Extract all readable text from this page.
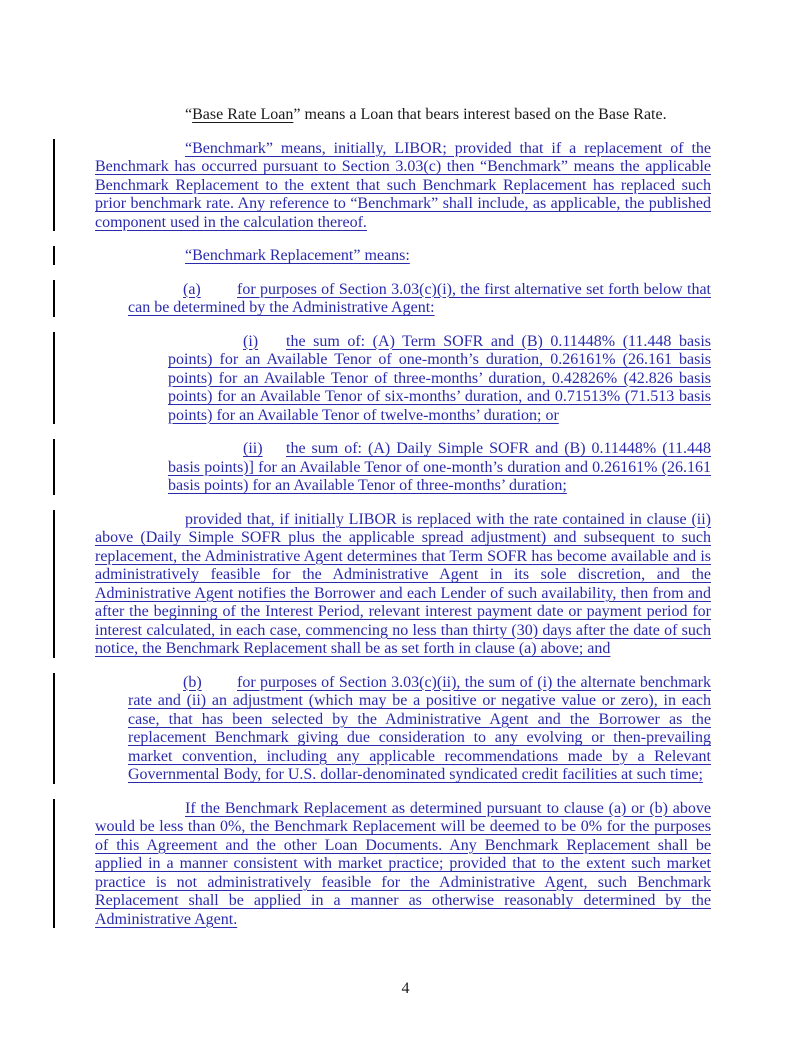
“Base Rate Loan” means a Loan that bears interest based on the Base Rate.

“Benchmark” means, initially, LIBOR; provided that if a replacement of the Benchmark has occurred pursuant to Section 3.03(c) then “Benchmark” means the applicable Benchmark Replacement to the extent that such Benchmark Replacement has replaced such prior benchmark rate. Any reference to “Benchmark” shall include, as applicable, the published component used in the calculation thereof.

“Benchmark Replacement” means:

(a) for purposes of Section 3.03(c)(i), the first alternative set forth below that can be determined by the Administrative Agent:

(i) the sum of: (A) Term SOFR and (B) 0.11448% (11.448 basis points) for an Available Tenor of one-month’s duration, 0.26161% (26.161 basis points) for an Available Tenor of three-months’ duration, 0.42826% (42.826 basis points) for an Available Tenor of six-months’ duration, and 0.71513% (71.513 basis points) for an Available Tenor of twelve-months’ duration; or

(ii) the sum of: (A) Daily Simple SOFR and (B) 0.11448% (11.448 basis points)] for an Available Tenor of one-month’s duration and 0.26161% (26.161 basis points) for an Available Tenor of three-months’ duration;

provided that, if initially LIBOR is replaced with the rate contained in clause (ii) above (Daily Simple SOFR plus the applicable spread adjustment) and subsequent to such replacement, the Administrative Agent determines that Term SOFR has become available and is administratively feasible for the Administrative Agent in its sole discretion, and the Administrative Agent notifies the Borrower and each Lender of such availability, then from and after the beginning of the Interest Period, relevant interest payment date or payment period for interest calculated, in each case, commencing no less than thirty (30) days after the date of such notice, the Benchmark Replacement shall be as set forth in clause (a) above; and

(b) for purposes of Section 3.03(c)(ii), the sum of (i) the alternate benchmark rate and (ii) an adjustment (which may be a positive or negative value or zero), in each case, that has been selected by the Administrative Agent and the Borrower as the replacement Benchmark giving due consideration to any evolving or then-prevailing market convention, including any applicable recommendations made by a Relevant Governmental Body, for U.S. dollar-denominated syndicated credit facilities at such time;

If the Benchmark Replacement as determined pursuant to clause (a) or (b) above would be less than 0%, the Benchmark Replacement will be deemed to be 0% for the purposes of this Agreement and the other Loan Documents. Any Benchmark Replacement shall be applied in a manner consistent with market practice; provided that to the extent such market practice is not administratively feasible for the Administrative Agent, such Benchmark Replacement shall be applied in a manner as otherwise reasonably determined by the Administrative Agent.

4
